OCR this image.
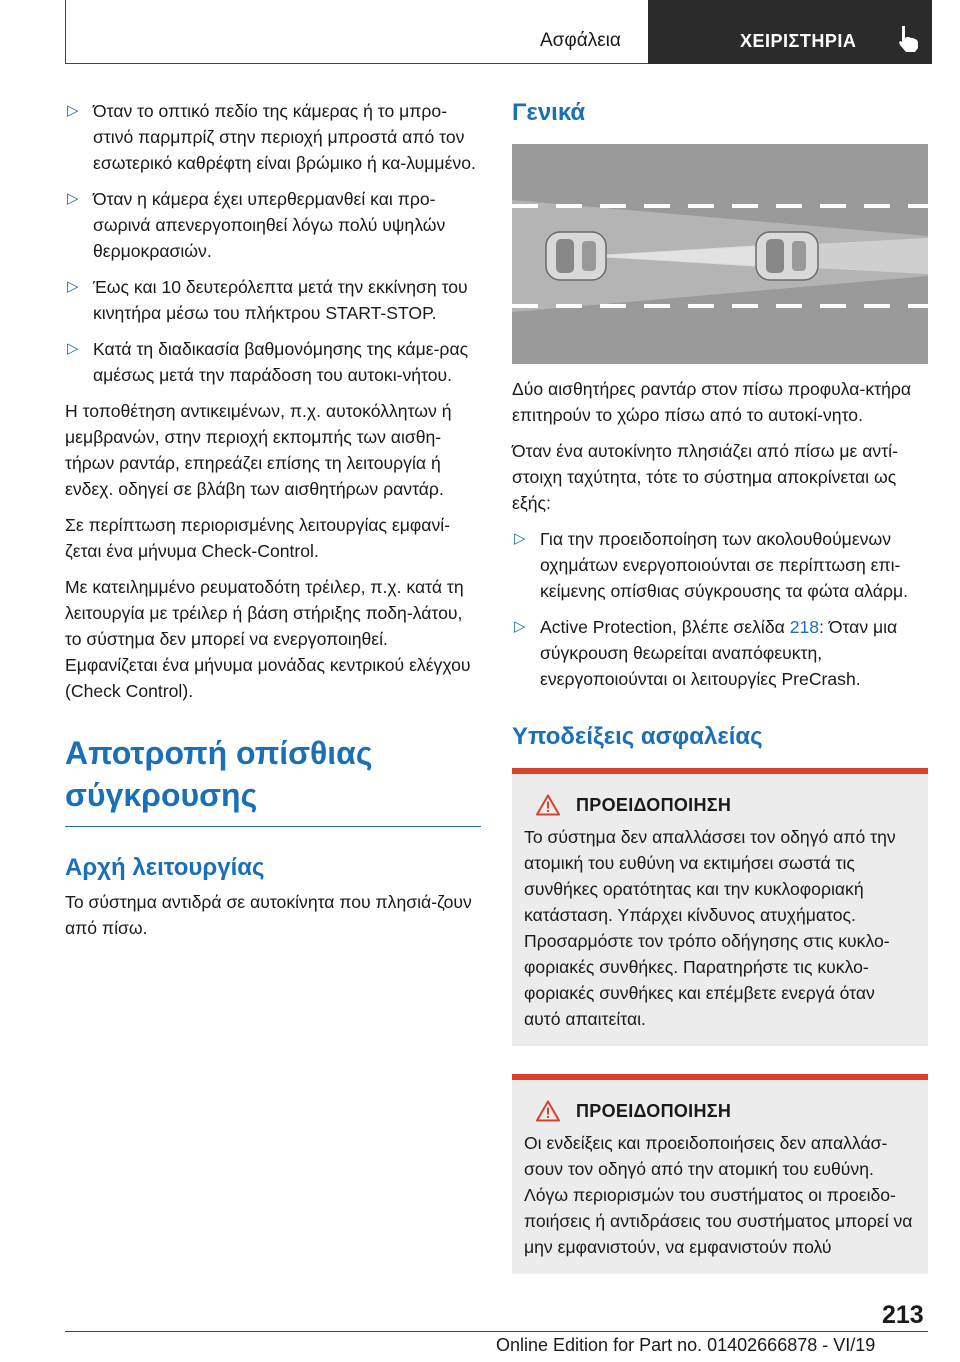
Ασφάλεια	ΧΕΙΡΙΣΤΗΡΙΑ
▷ Όταν το οπτικό πεδίο της κάμερας ή το μπρο-στινό παρμπρίζ στην περιοχή μπροστά από τον εσωτερικό καθρέφτη είναι βρώμικο ή κα-λυμμένο.
▷ Όταν η κάμερα έχει υπερθερμανθεί και προ-σωρινά απενεργοποιηθεί λόγω πολύ υψηλών θερμοκρασιών.
▷ Έως και 10 δευτερόλεπτα μετά την εκκίνηση του κινητήρα μέσω του πλήκτρου START-STOP.
▷ Κατά τη διαδικασία βαθμονόμησης της κάμε-ρας αμέσως μετά την παράδοση του αυτοκι-νήτου.

Η τοποθέτηση αντικειμένων, π.χ. αυτοκόλλητων ή μεμβρανών, στην περιοχή εκπομπής των αισθη-τήρων ραντάρ, επηρεάζει επίσης τη λειτουργία ή ενδεχ. οδηγεί σε βλάβη των αισθητήρων ραντάρ.

Σε περίπτωση περιορισμένης λειτουργίας εμφανί-ζεται ένα μήνυμα Check-Control.

Με κατειλημμένο ρευματοδότη τρέιλερ, π.χ. κατά τη λειτουργία με τρέιλερ ή βάση στήριξης ποδη-λάτου, το σύστημα δεν μπορεί να ενεργοποιηθεί. Εμφανίζεται ένα μήνυμα μονάδας κεντρικού ελέγχου (Check Control).

Αποτροπή οπίσθιας σύγκρουσης
Αρχή λειτουργίας

Το σύστημα αντιδρά σε αυτοκίνητα που πλησιά-ζουν από πίσω.

Γενικά

Δύο αισθητήρες ραντάρ στον πίσω προφυλα-κτήρα επιτηρούν το χώρο πίσω από το αυτοκί-νητο.

Όταν ένα αυτοκίνητο πλησιάζει από πίσω με αντί-στοιχη ταχύτητα, τότε το σύστημα αποκρίνεται ως εξής:

▷ Για την προειδοποίηση των ακολουθούμενων οχημάτων ενεργοποιούνται σε περίπτωση επι-κείμενης οπίσθιας σύγκρουσης τα φώτα αλάρμ.
▷ Active Protection, βλέπε σελίδα 218: Όταν μια σύγκρουση θεωρείται αναπόφευκτη, ενεργοποιούνται οι λειτουργίες PreCrash.
Υποδείξεις ασφαλείας
ΠΡΟΕΙΔΟΠΟΙΗΣΗ

Το σύστημα δεν απαλλάσσει τον οδηγό από την ατομική του ευθύνη να εκτιμήσει σωστά τις συνθήκες ορατότητας και την κυκλοφοριακή κατάσταση. Υπάρχει κίνδυνος ατυχήματος. Προσαρμόστε τον τρόπο οδήγησης στις κυκλο-φοριακές συνθήκες. Παρατηρήστε τις κυκλο-φοριακές συνθήκες και επέμβετε ενεργά όταν αυτό απαιτείται.

ΠΡΟΕΙΔΟΠΟΙΗΣΗ

Οι ενδείξεις και προειδοποιήσεις δεν απαλλάσ-σουν τον οδηγό από την ατομική του ευθύνη. Λόγω περιορισμών του συστήματος οι προειδο-ποιήσεις ή αντιδράσεις του συστήματος μπορεί να μην εμφανιστούν, να εμφανιστούν πολύ

213
Online Edition for Part no. 01402666878 - VI/19
